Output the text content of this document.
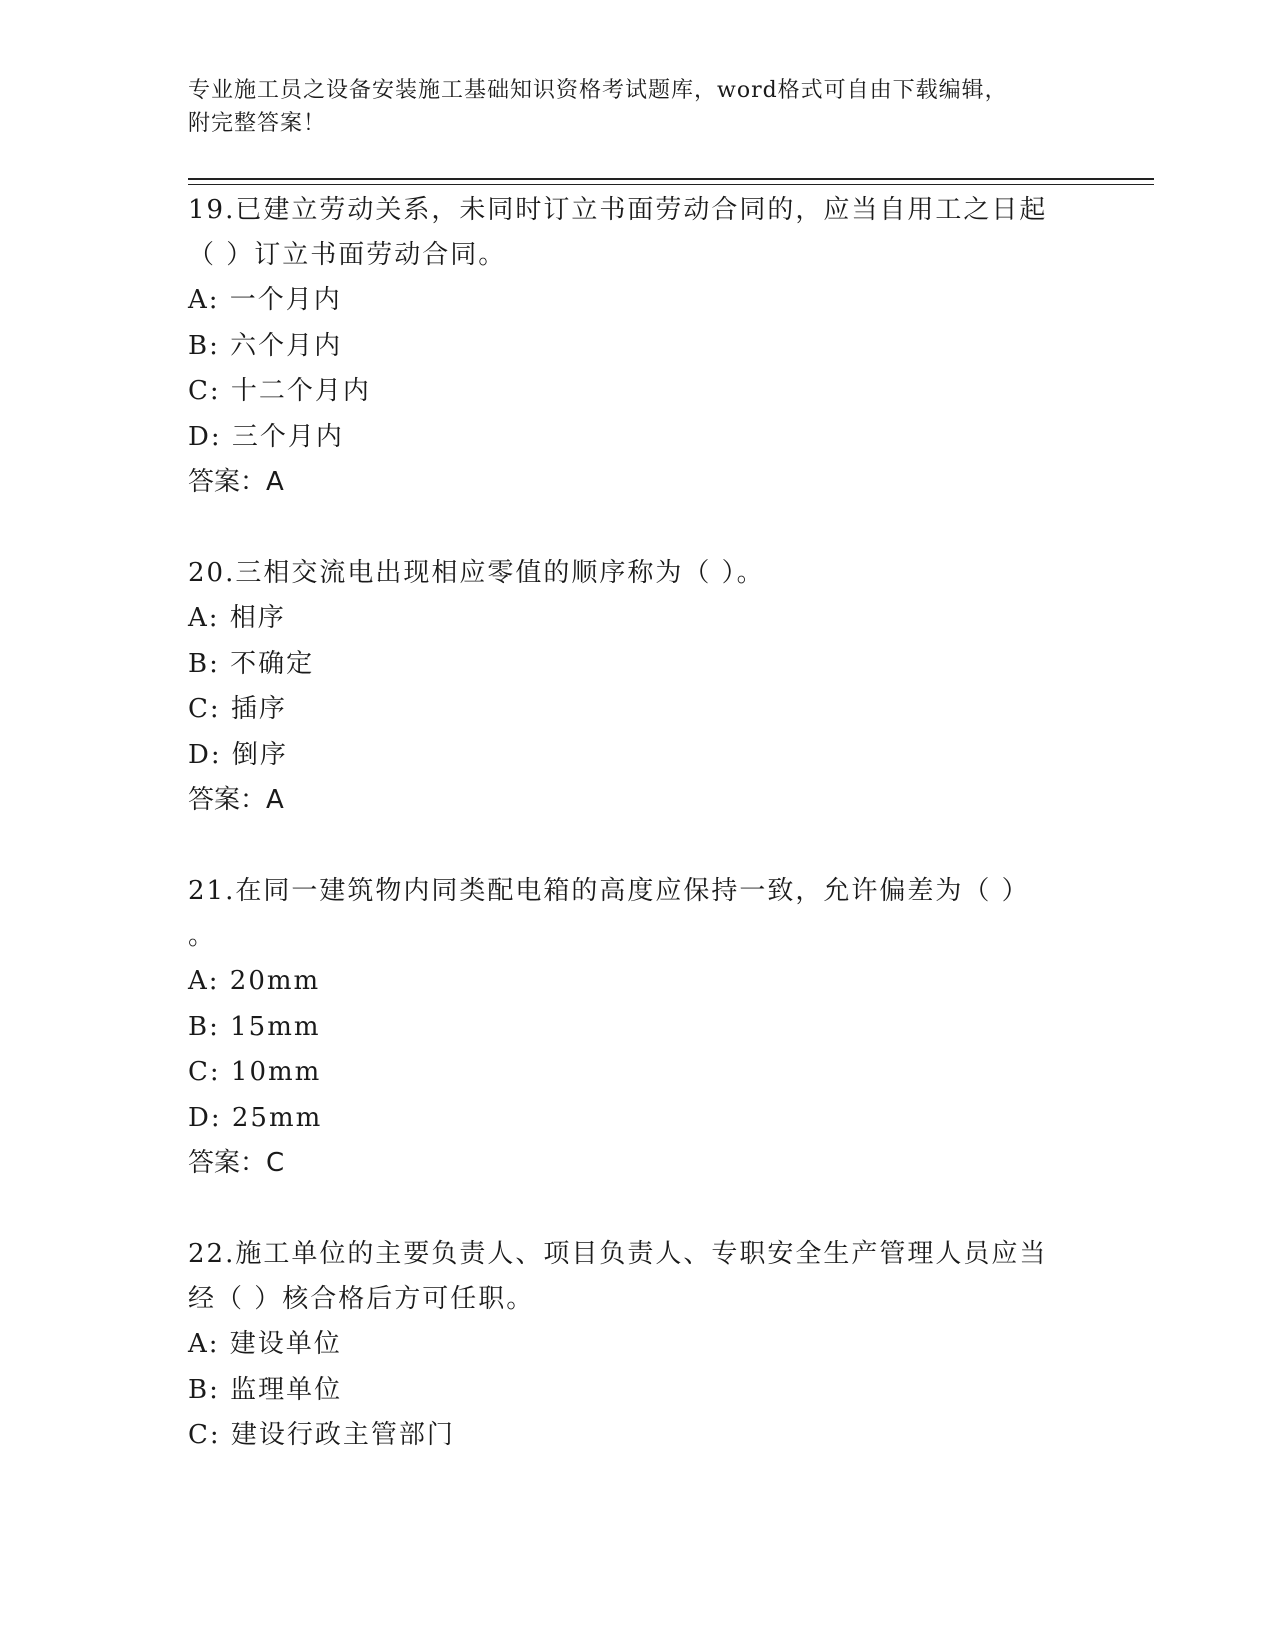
专业施工员之设备安装施工基础知识资格考试题库，word格式可自由下载编辑，
附完整答案！

19.已建立劳动关系，未同时订立书面劳动合同的，应当自用工之日起

（ ）订立书面劳动合同。

A: 一个月内

B: 六个月内

C: 十二个月内

D: 三个月内

答案：A

20.三相交流电出现相应零值的顺序称为（ ）。

A: 相序

B: 不确定

C: 插序

D: 倒序

答案：A

21.在同一建筑物内同类配电箱的高度应保持一致，允许偏差为（ ）

。

A: 20mm

B: 15mm

C: 10mm

D: 25mm

答案：C

22.施工单位的主要负责人、项目负责人、专职安全生产管理人员应当

经（ ）核合格后方可任职。

A: 建设单位

B: 监理单位

C: 建设行政主管部门
